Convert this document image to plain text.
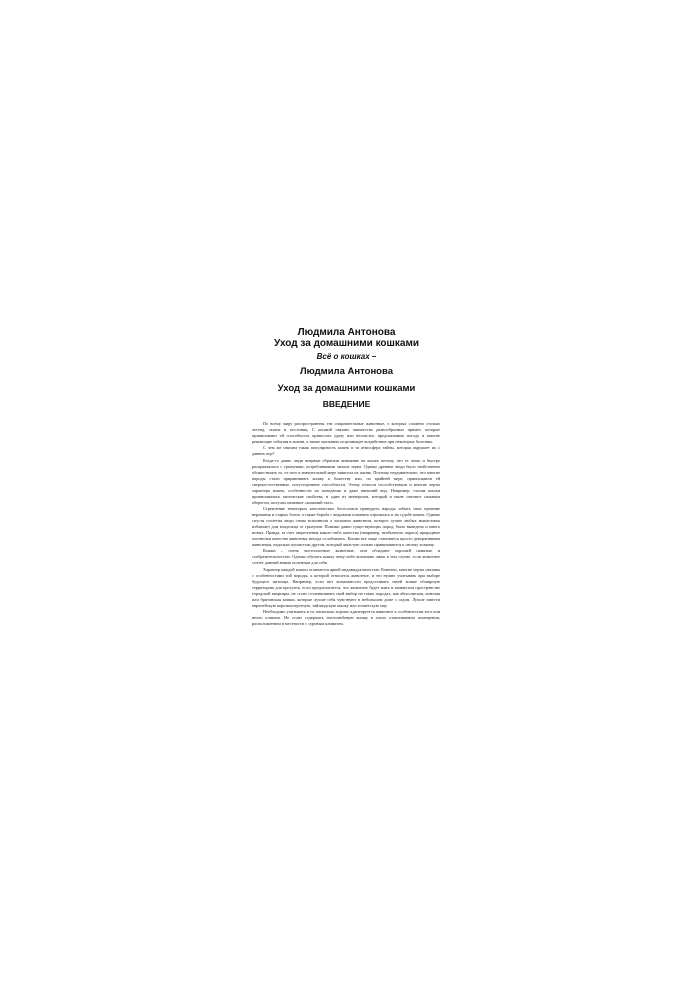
Людмила Антонова
Уход за домашними кошками
Всё о кошках –
Людмила Антонова
Уход за домашними кошками
ВВЕДЕНИЕ

По всему миру распространены эти очаровательные животные, о которых сложено столько легенд, сказок и пословиц. С кошкой связано множество разнообразных примет, которые приписывают ей способность приносить удачу или несчастье, предсказывать погоду и многие решающие события в жизни, а также оказывать исцеляющее воздействие при некоторых болезнях.

С чем же связана такая популярность кошек и та атмосфера тайны, которая окружает их с давних пор?

Когда-то давно люди впервые обратили внимание на кошек потому, что те легко и быстро расправлялись с грызунами, истреблявшими запасы зерна. Однако древние люди было свойственно обожествлять то, от чего в значительной мере зависела их жизнь. Поэтому неудивительно, что многие народы стали приравнивать кошку к божеству или, по крайней мере, приписывали ей сверхъестественные, потусторонние способности. Этому отчасти способствовали и многие черты характера кошек, особенности их поведения и даже внешний вид. Например, глазам кошки приписывались магические свойства, и один из минералов, который и ныне считают сильным оберегом, получил название «кошачий глаз».

Стремление некоторых католических богословов принудить народы забыть свои прежние верования и старых богов, а также борьба с ведьмами плачевно отразилась и на судьбе кошек. Однако спустя столетия люди снова вспомнили о ласковом животном, которое лучше любых мышеловок избавляет дом владельца от грызунов. Помимо давно существующих пород, было выведено и много новых. Правда, за счет закрепления какого-либо качества (например, необычного окраса) природные охотничьи качества животных иногда ослаблялись. Кошка все чаще становится просто декоративным животным, надолько пушистым другом, который зачастую сильно привязывается к своему хозяину.

Кошки – очень чистоплотные животные, они обладают хорошей памятью и сообразительностью. Однако обучить кошку чему-либо возможно лишь в том случае, если животное сочтет данный навык полезным для себя.

Характер каждой кошки отличается яркой индивидуальностью. Конечно, многие черты связаны с особенностями той породы, к которой относится животное, и это нужно учитывать при выборе будущего питомца. Например, если нет возможности предоставить своей кошке обширную территорию для прогулок, если предполагается, что животное будет жить в замкнутом пространстве городской квартиры, не стоит останавливать свой выбор на таких породах, как абиссинская, мэнская или британская кошки, которые лучше себя чувствуют в небольшом доме с садом. Лучше завести европейскую короткошерстную, тайландскую кошку или египетскую мау.

Необходимо учитывать и то, насколько хорошо адаптируется животное к особенностям того или иного климата. Не стоит содержать теплолюбивую кошку в плохо отапливаемом помещении, расположенном в местности с суровым климатом.
